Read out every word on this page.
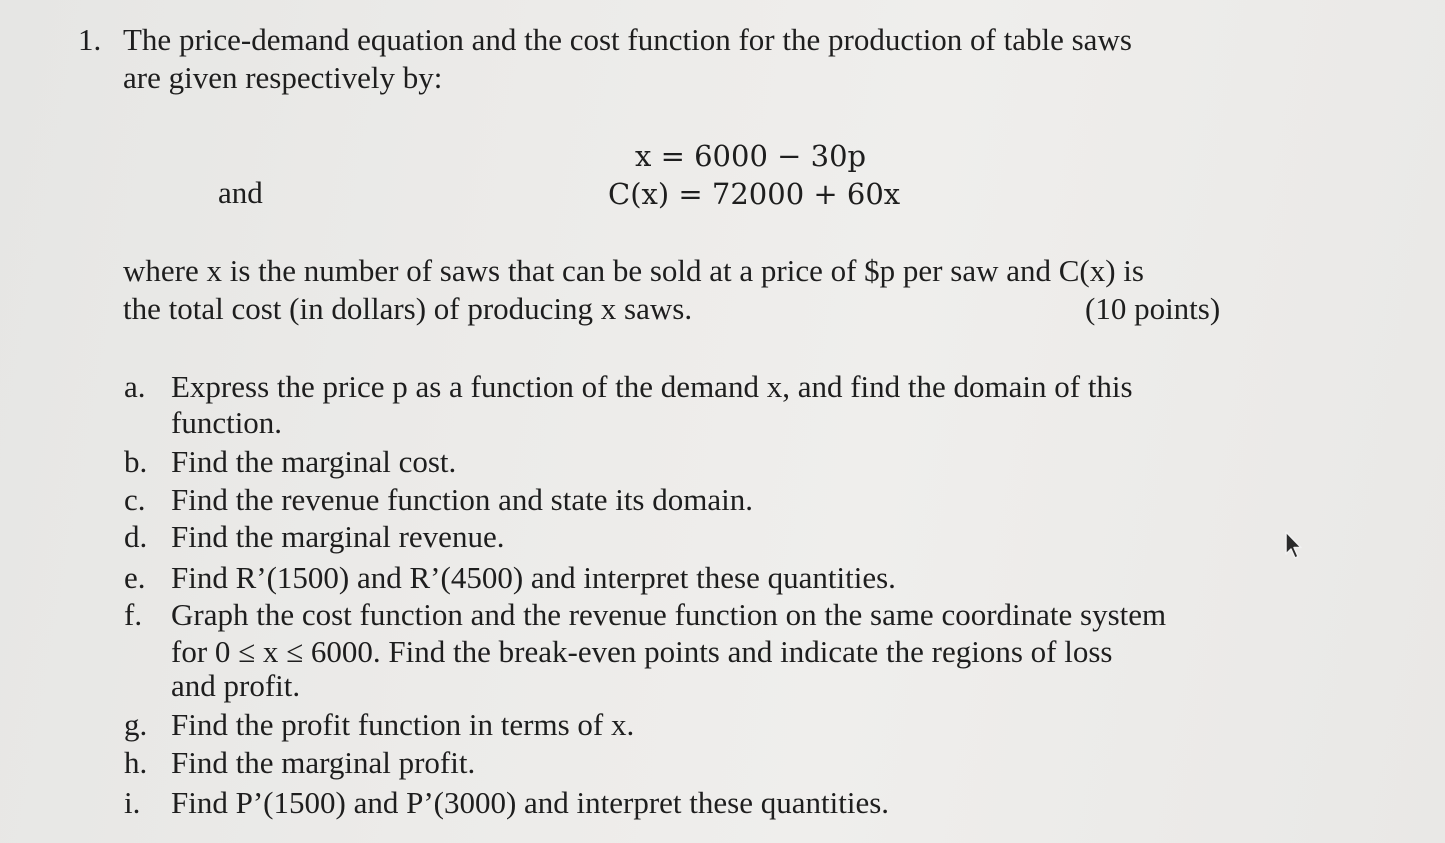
1. The price-demand equation and the cost function for the production of table saws
are given respectively by:
and
x = 6000 − 30p
C(x) = 72000 + 60x
where x is the number of saws that can be sold at a price of $p per saw and C(x) is
the total cost (in dollars) of producing x saws.	(10 points)
a. Express the price p as a function of the demand x, and find the domain of this
function.
b. Find the marginal cost.
c. Find the revenue function and state its domain.
d. Find the marginal revenue.
e. Find R’(1500) and R’(4500) and interpret these quantities.
f. Graph the cost function and the revenue function on the same coordinate system
for 0 ≤ x ≤ 6000. Find the break-even points and indicate the regions of loss
and profit.
g. Find the profit function in terms of x.
h. Find the marginal profit.
i. Find P’(1500) and P’(3000) and interpret these quantities.
